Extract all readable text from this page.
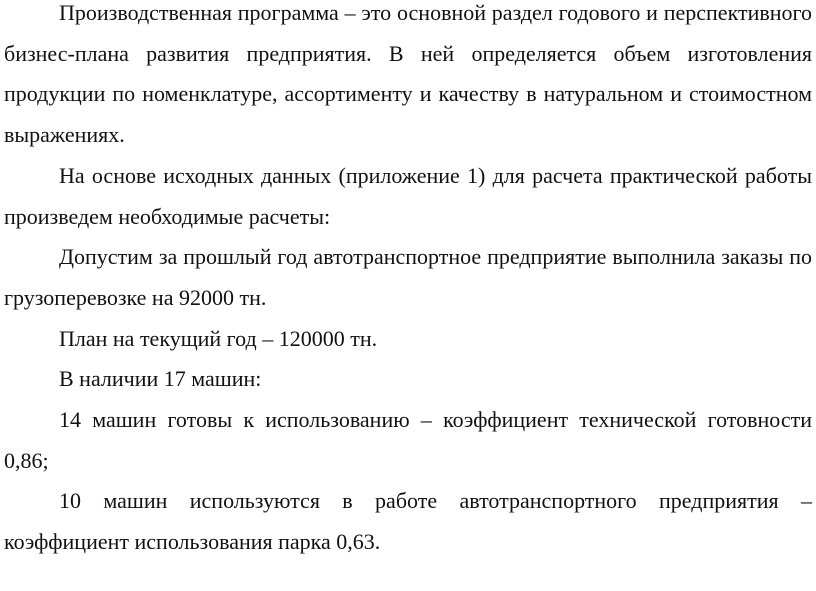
Производственная программа – это основной раздел годового и перспективного бизнес-плана развития предприятия. В ней определяется объем изготовления продукции по номенклатуре, ассортименту и качеству в натуральном и стоимостном выражениях.

На основе исходных данных (приложение 1) для расчета практической работы произведем необходимые расчеты:

Допустим за прошлый год автотранспортное предприятие выполнила заказы по грузоперевозке на 92000 тн.

План на текущий год – 120000 тн.

В наличии 17 машин:

14 машин готовы к использованию – коэффициент технической готовности 0,86;

10 машин используются в работе автотранспортного предприятия – коэффициент использования парка 0,63.
